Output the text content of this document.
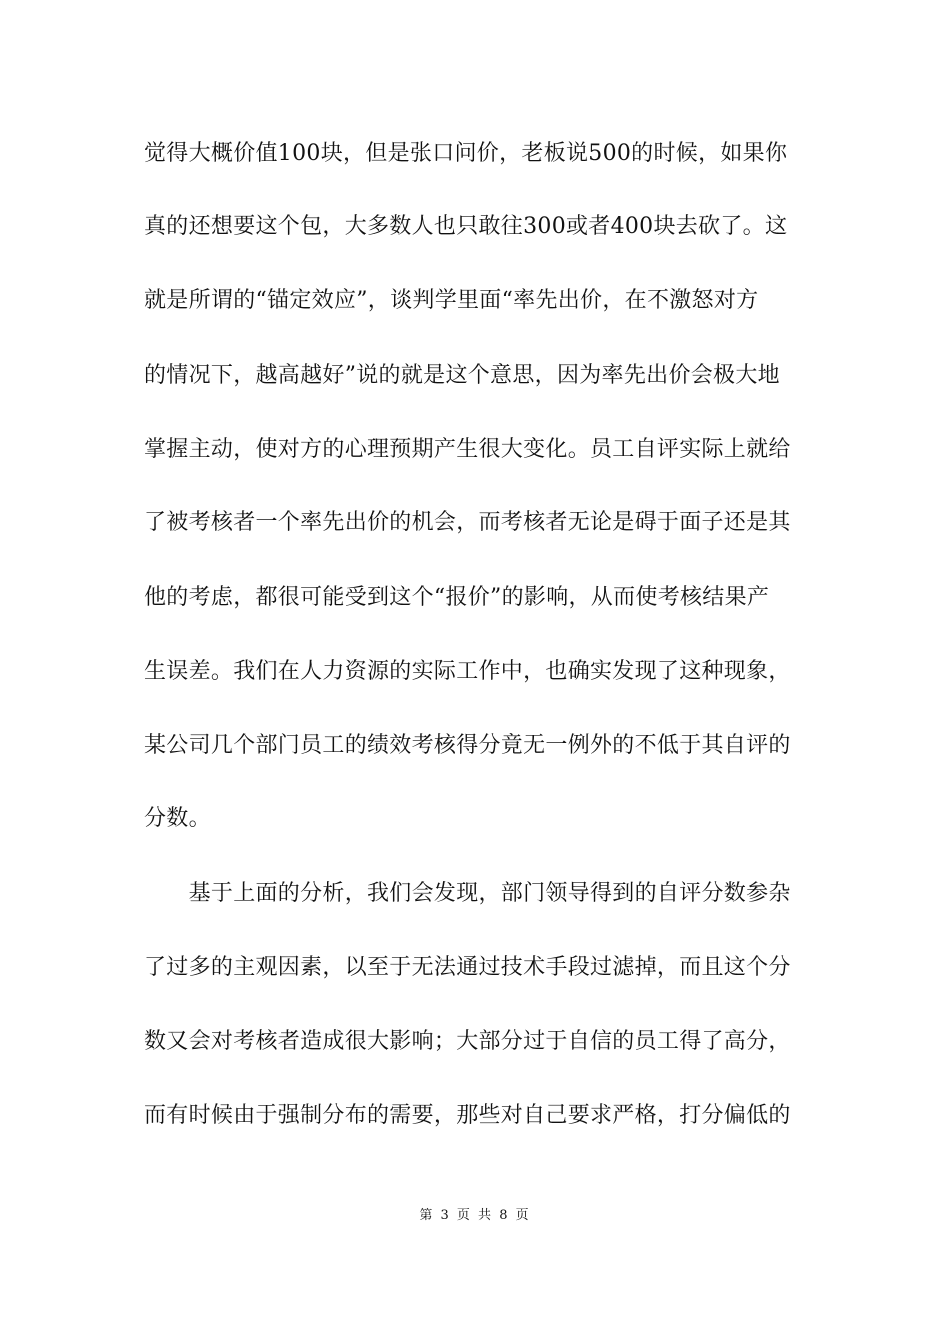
觉得大概价值100块，但是张口问价，老板说500的时候，如果你
真的还想要这个包，大多数人也只敢往300或者400块去砍了。这
就是所谓的“锚定效应”，谈判学里面“率先出价，在不激怒对方
的情况下，越高越好”说的就是这个意思，因为率先出价会极大地
掌握主动，使对方的心理预期产生很大变化。员工自评实际上就给
了被考核者一个率先出价的机会，而考核者无论是碍于面子还是其
他的考虑，都很可能受到这个“报价”的影响，从而使考核结果产
生误差。我们在人力资源的实际工作中，也确实发现了这种现象，
某公司几个部门员工的绩效考核得分竟无一例外的不低于其自评的
分数。
　　基于上面的分析，我们会发现，部门领导得到的自评分数参杂
了过多的主观因素，以至于无法通过技术手段过滤掉，而且这个分
数又会对考核者造成很大影响；大部分过于自信的员工得了高分，
而有时候由于强制分布的需要，那些对自己要求严格，打分偏低的
第 3 页 共 8 页
